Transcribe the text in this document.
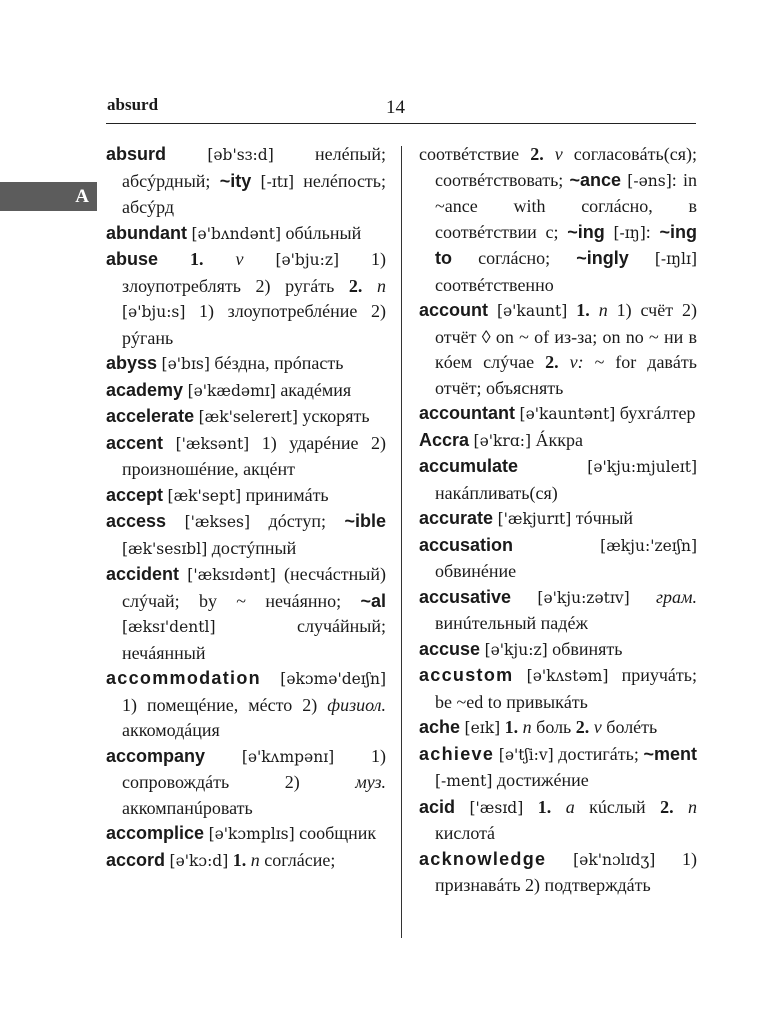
absurd	14
A

absurd	[əb'sɜ:d] нелéпый; абсýрдный; ~ity [-ɪtɪ] нелéпость; абсýрд

abundant [ə'bʌndənt] обúльный

abuse 1. v [ə'bju:z] 1) злоупотреблять 2) ругáть 2. n [ə'bju:s] 1) злоупотреблéние 2) рýгань

abyss [ə'bɪs] бéздна, прóпасть

academy [ə'kædəmɪ] акадéмия

accelerate [æk'selereɪt] ускорять

accent ['æksənt] 1) ударéние 2) произношéние, акцéнт

accept [æk'sept] принимáть

access ['ækses] дóступ; ~ible [æk'sesɪbl] достýпный

accident ['æksɪdənt] (несчáстный) слýчай; by ~ нечáянно; ~al [æksɪ'dentl] случáйный; нечáянный

accommodation [əkɔmə'deɪʃn] 1) помещéние, мéсто 2) физиол. аккомодáция

accompany [ə'kʌmpənɪ] 1) сопровождáть 2) муз. аккомпанúровать

accomplice [ə'kɔmplɪs] сообщник

accord [ə'kɔ:d] 1. n соглáсие;

соотвéтствие 2. v согласовáть(ся); соотвéтствовать; ~ance [-əns]: in ~ance with соглáсно, в соотвéтствии с; ~ing [-ɪŋ]: ~ing to соглáсно; ~ingly [-ɪŋlɪ] соотвéтственно

account [ə'kaunt] 1. n 1) счёт 2) отчёт ◊ on ~ of из-за; on no ~ ни в кóем слýчае 2. v: ~ for давáть отчёт; объяснять

accountant [ə'kauntənt] бухгáлтер

Accra [ə'krɑ:] Áккра

accumulate	[ə'kju:mjuleɪt] накáпливать(ся)

accurate ['ækjurɪt] тóчный

accusation	[ækju:'zeɪʃn] обвинéние

accusative [ə'kju:zətɪv] грам. винúтельный падéж

accuse [ə'kju:z] обвинять

accustom [ə'kʌstəm] приучáть; be ~ed to привыкáть

ache [eɪk] 1. n боль 2. v болéть

achieve [ə'tʃi:v] достигáть; ~ment [-ment] достижéние

acid ['æsɪd] 1. a кúслый 2. n кислотá

acknowledge [ək'nɔlɪdʒ] 1) признавáть 2) подтверждáть
